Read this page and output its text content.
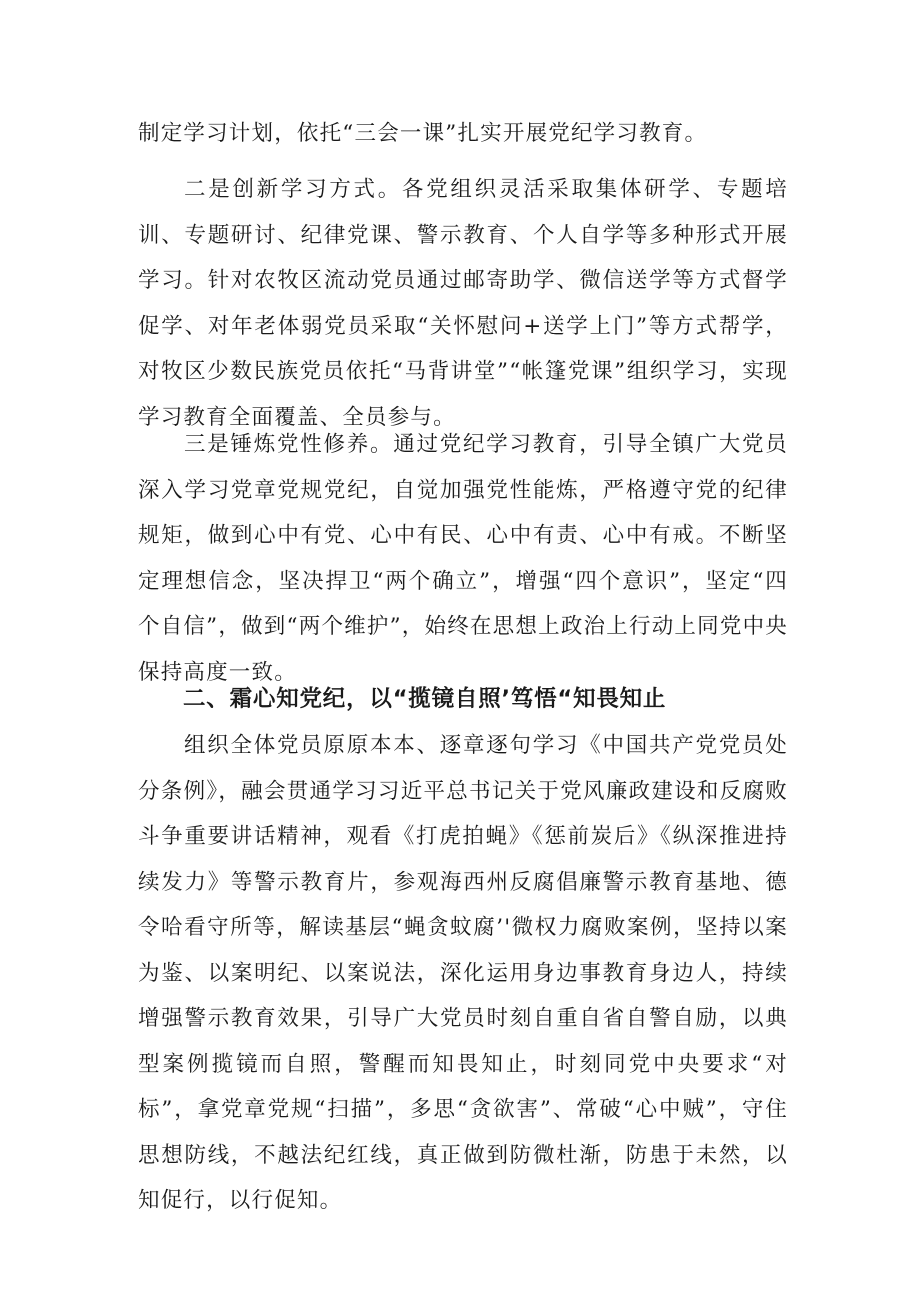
制定学习计划，依托“三会一课”扎实开展党纪学习教育。

二是创新学习方式。各党组织灵活采取集体研学、专题培训、专题研讨、纪律党课、警示教育、个人自学等多种形式开展学习。针对农牧区流动党员通过邮寄助学、微信送学等方式督学促学、对年老体弱党员采取“关怀慰问+送学上门”等方式帮学，对牧区少数民族党员依托“马背讲堂”“帐篷党课”组织学习，实现学习教育全面覆盖、全员参与。

三是锤炼党性修养。通过党纪学习教育，引导全镇广大党员深入学习党章党规党纪，自觉加强党性能炼，严格遵守党的纪律规矩，做到心中有党、心中有民、心中有责、心中有戒。不断坚定理想信念，坚决捍卫“两个确立”，增强“四个意识”，坚定“四个自信”，做到“两个维护”，始终在思想上政治上行动上同党中央保持高度一致。

二、霜心知党纪，以“揽镜自照’笃悟“知畏知止

组织全体党员原原本本、逐章逐句学习《中国共产党党员处分条例》，融会贯通学习习近平总书记关于党风廉政建设和反腐败斗争重要讲话精神，观看《打虎拍蝇》《惩前炭后》《纵深推进持续发力》等警示教育片，参观海西州反腐倡廉警示教育基地、德令哈看守所等，解读基层“蝇贪蚊腐’'微权力腐败案例，坚持以案为鉴、以案明纪、以案说法，深化运用身边事教育身边人，持续增强警示教育效果，引导广大党员时刻自重自省自警自励，以典型案例揽镜而自照，警醒而知畏知止，时刻同党中央要求“对标”，拿党章党规“扫描”，多思“贪欲害”、常破“心中贼”，守住思想防线，不越法纪红线，真正做到防微杜渐，防患于未然，以知促行，以行促知。
